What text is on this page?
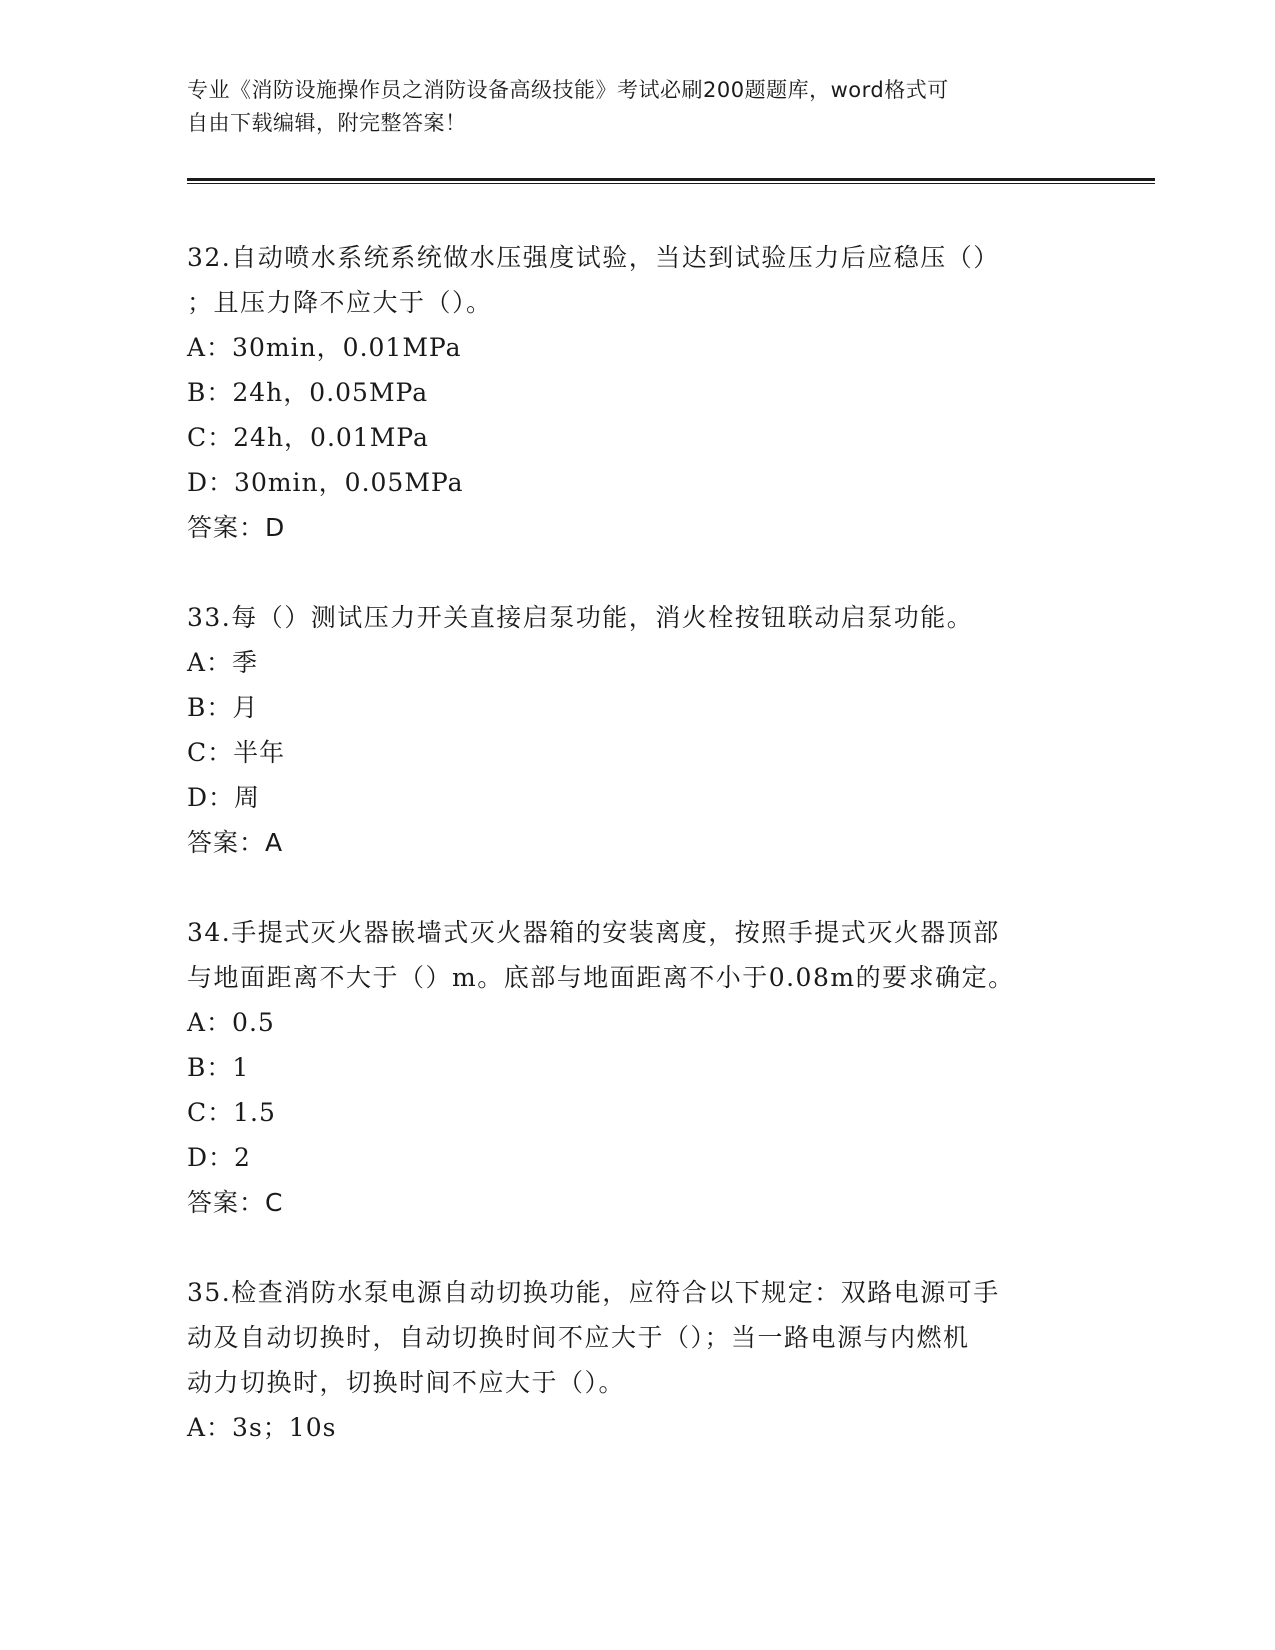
专业《消防设施操作员之消防设备高级技能》考试必刷200题题库，word格式可
自由下载编辑，附完整答案！
32.自动喷水系统系统做水压强度试验，当达到试验压力后应稳压（）
；且压力降不应大于（）。
A：30min，0.01MPa
B：24h，0.05MPa
C：24h，0.01MPa
D：30min，0.05MPa
答案：D
33.每（）测试压力开关直接启泵功能，消火栓按钮联动启泵功能。
A：季
B：月
C：半年
D：周
答案：A
34.手提式灭火器嵌墙式灭火器箱的安装离度，按照手提式灭火器顶部
与地面距离不大于（）m。底部与地面距离不小于0.08m的要求确定。
A：0.5
B：1
C：1.5
D：2
答案：C
35.检查消防水泵电源自动切换功能，应符合以下规定：双路电源可手
动及自动切换时，自动切换时间不应大于（）；当一路电源与内燃机
动力切换时，切换时间不应大于（）。
A：3s；10s
